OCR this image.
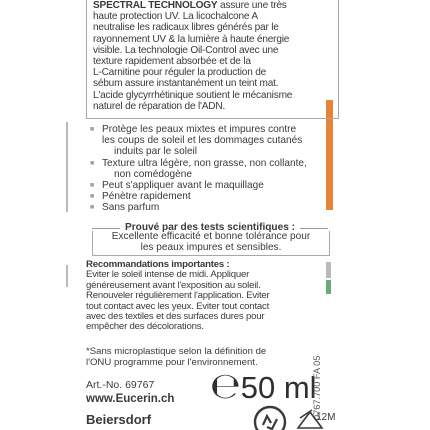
SPECTRAL TECHNOLOGY assure une très
haute protection UV. La licochalcone A
neutralise les radicaux libres générés par le
rayonnement UV & la lumière à haute énergie
visible. La technologie Oil-Control avec une
texture rapidement absorbée et de la
L-Carnitine pour réguler la production de
sébum assure instantanément un teint mat.
L'acide glycyrrhétinique soutient le mécanisme
naturel de réparation de l'ADN.
■ Protège les peaux mixtes et impures contre
les coups de soleil et les dommages cutanés
induits par le soleil
■ Texture ultra légère, non grasse, non collante,
non comédogène
■ Peut s'appliquer avant le maquillage
■ Pénètre rapidement
■ Sans parfum
Prouvé par des tests scientifiques :
Excellente efficacité et bonne tolérance pour
les peaux impures et sensibles.
Recommandations importantes :
Eviter le soleil intense de midi. Appliquer
généreusement avant l'exposition au soleil.
Renouveler régulièrement l'application. Eviter
tout contact avec les yeux. Eviter tout contact
avec des textiles et des surfaces dures pour
empêcher des décolorations.
*Sans microplastique selon la définition de
l'ONU programme pour l'environnement.
Art.-No. 69767
www.Eucerin.ch ℮50 ml
Beiersdorf	0767.700 FA 05
12M
